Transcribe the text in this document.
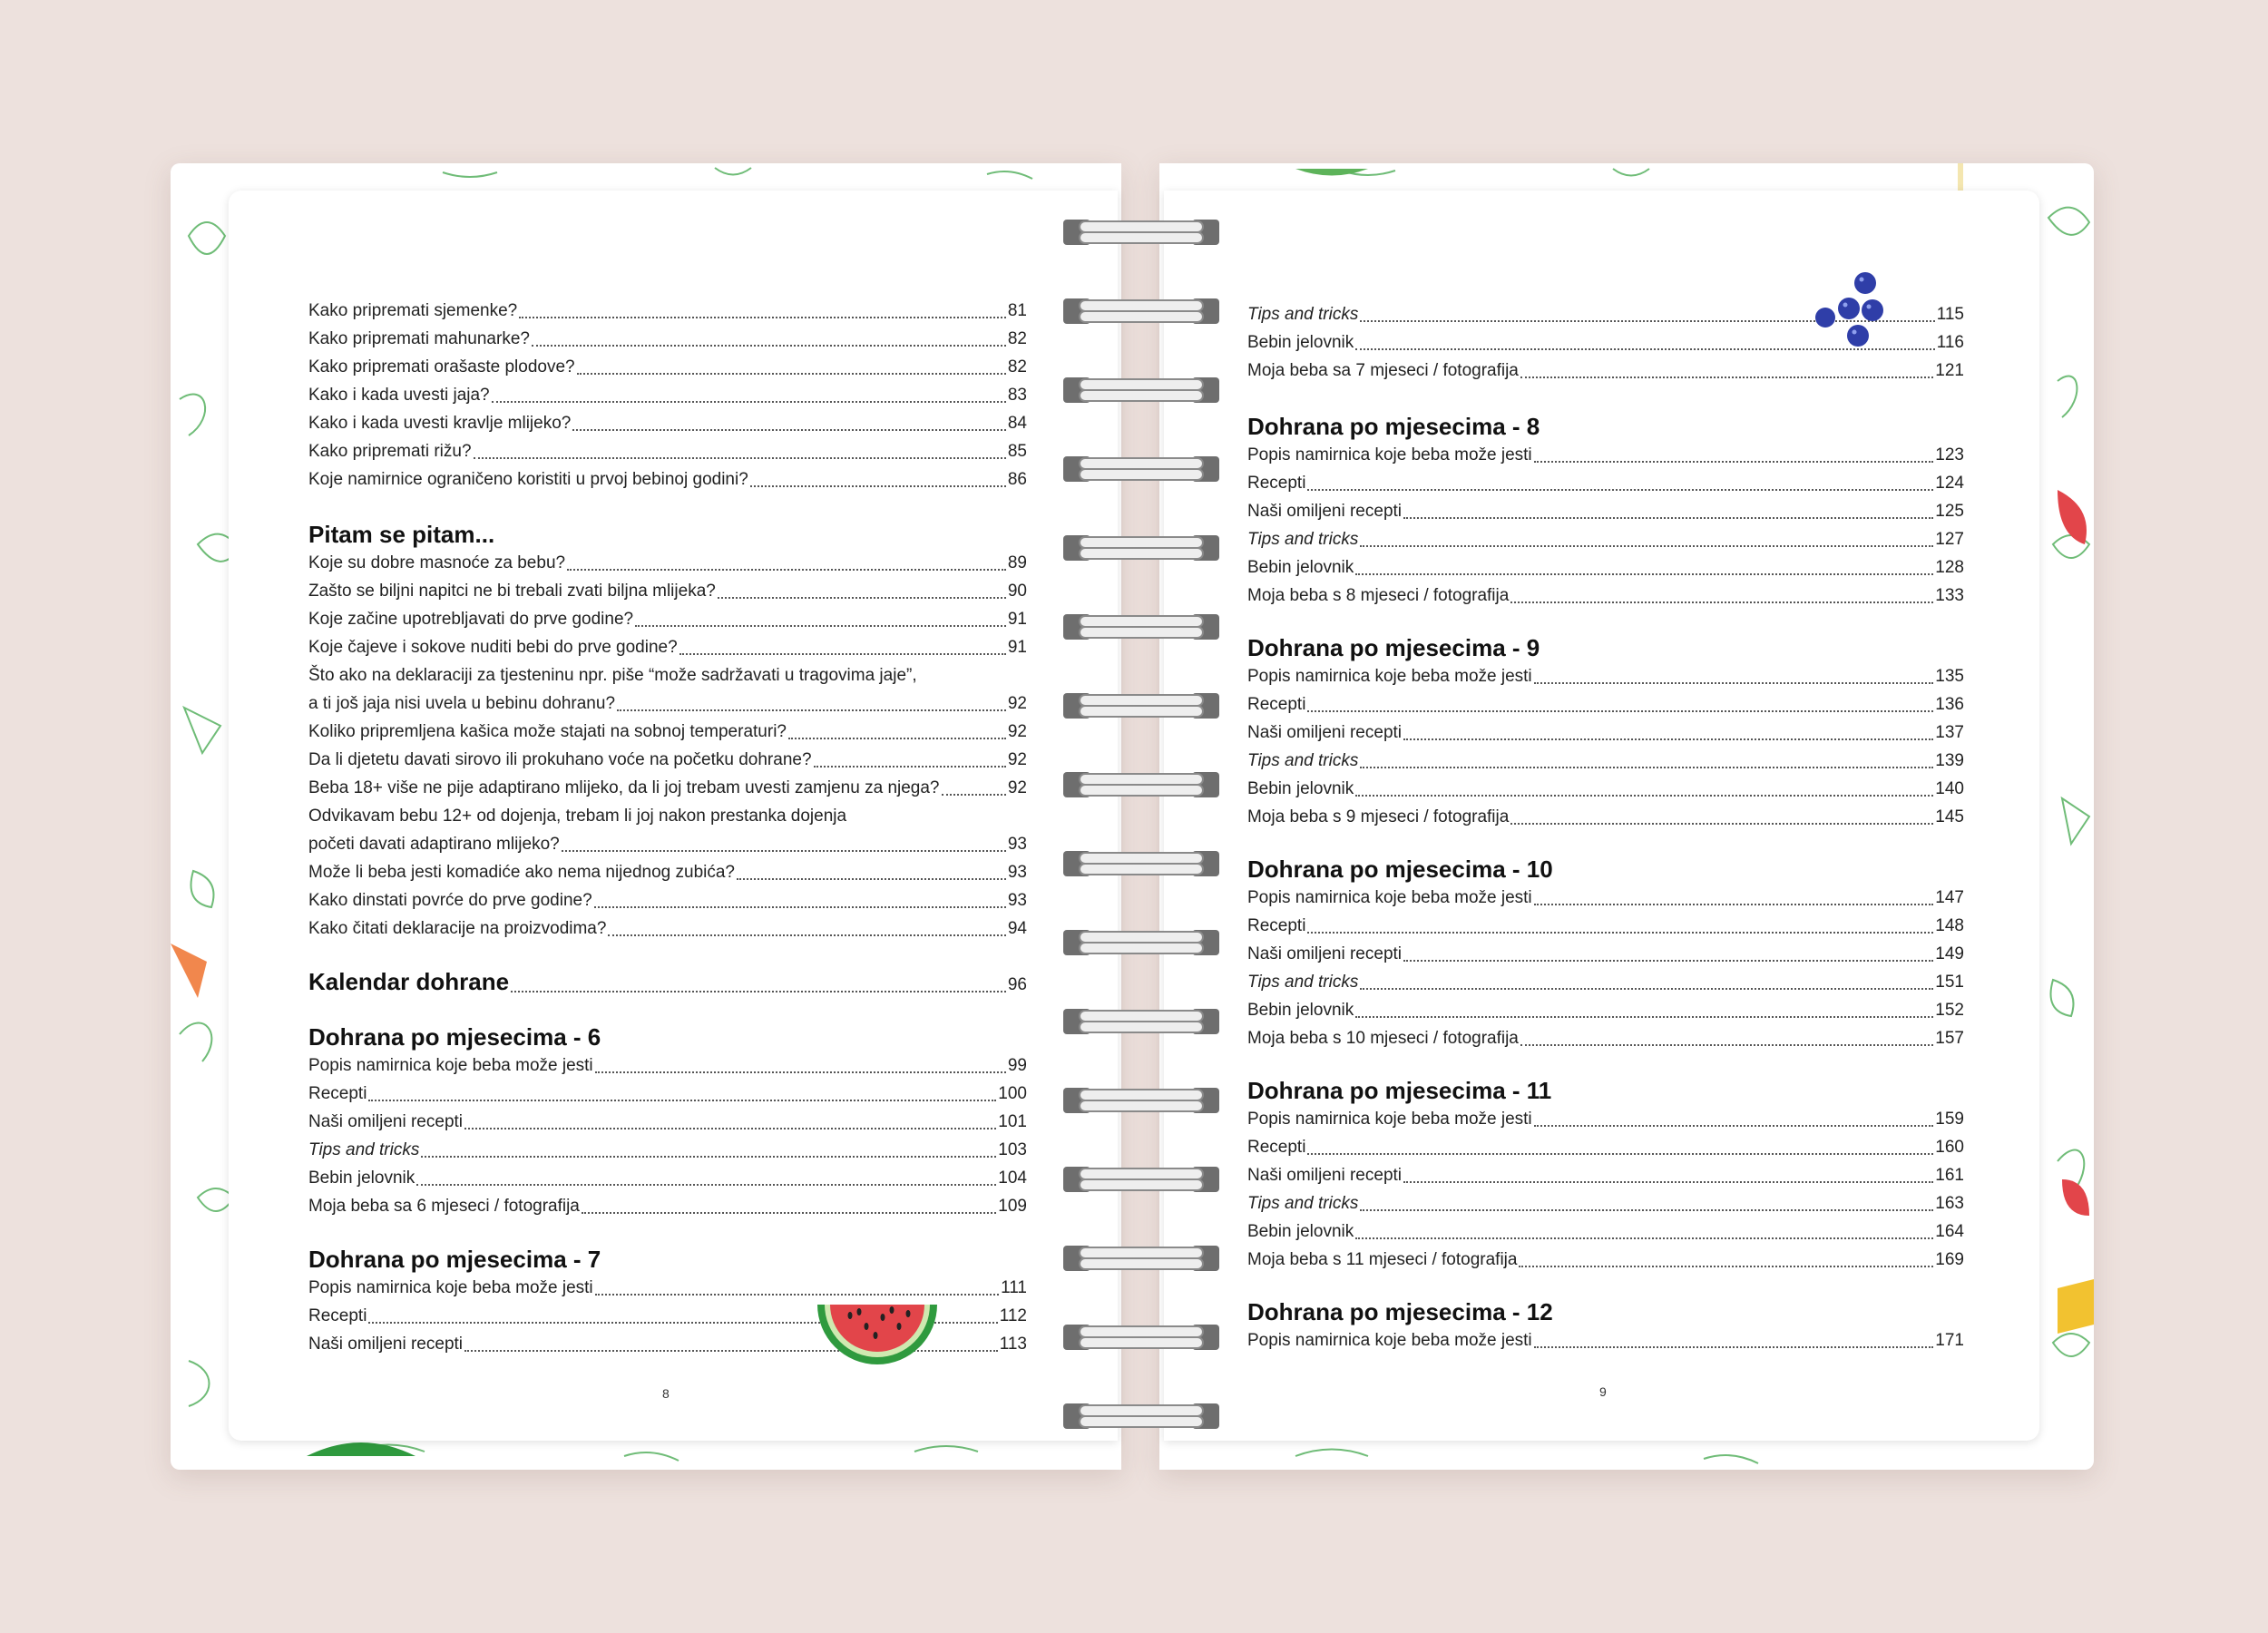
Kako pripremati sjemenke?	81
Kako pripremati mahunarke?	82
Kako pripremati orašaste plodove?	82
Kako i kada uvesti jaja?	83
Kako i kada uvesti kravlje mlijeko?	84
Kako pripremati rižu?	85
Koje namirnice ograničeno koristiti u prvoj bebinoj godini?	86
Pitam se pitam...
Koje su dobre masnoće za bebu?	89
Zašto se biljni napitci ne bi trebali zvati biljna mlijeka?	90
Koje začine upotrebljavati do prve godine?	91
Koje čajeve i sokove nuditi bebi do prve godine?	91
Što ako na deklaraciji za tjesteninu npr. piše “može sadržavati u tragovima jaje”,
a ti još jaja nisi uvela u bebinu dohranu?	92
Koliko pripremljena kašica može stajati na sobnoj temperaturi?	92
Da li djetetu davati sirovo ili prokuhano voće na početku dohrane?	92
Beba 18+ više ne pije adaptirano mlijeko, da li joj trebam uvesti zamjenu za njega?	92
Odvikavam bebu 12+ od dojenja, trebam li joj nakon prestanka dojenja
početi davati adaptirano mlijeko?	93
Može li beba jesti komadiće ako nema nijednog zubića?	93
Kako dinstati povrće do prve godine?	93
Kako čitati deklaracije na proizvodima?	94
Kalendar dohrane	96
Dohrana po mjesecima - 6
Popis namirnica koje beba može jesti	99
Recepti	100
Naši omiljeni recepti	101
Tips and tricks	103
Bebin jelovnik	104
Moja beba sa 6 mjeseci / fotografija	109
Dohrana po mjesecima - 7
Popis namirnica koje beba može jesti	111
Recepti	112
Naši omiljeni recepti	113
8
Tips and tricks	115
Bebin jelovnik	116
Moja beba sa 7 mjeseci / fotografija	121
Dohrana po mjesecima - 8
Popis namirnica koje beba može jesti	123
Recepti	124
Naši omiljeni recepti	125
Tips and tricks	127
Bebin jelovnik	128
Moja beba s 8 mjeseci / fotografija	133
Dohrana po mjesecima - 9
Popis namirnica koje beba može jesti	135
Recepti	136
Naši omiljeni recepti	137
Tips and tricks	139
Bebin jelovnik	140
Moja beba s 9 mjeseci / fotografija	145
Dohrana po mjesecima - 10
Popis namirnica koje beba može jesti	147
Recepti	148
Naši omiljeni recepti	149
Tips and tricks	151
Bebin jelovnik	152
Moja beba s 10 mjeseci / fotografija	157
Dohrana po mjesecima - 11
Popis namirnica koje beba može jesti	159
Recepti	160
Naši omiljeni recepti	161
Tips and tricks	163
Bebin jelovnik	164
Moja beba s 11 mjeseci / fotografija	169
Dohrana po mjesecima - 12
Popis namirnica koje beba može jesti	171
9
